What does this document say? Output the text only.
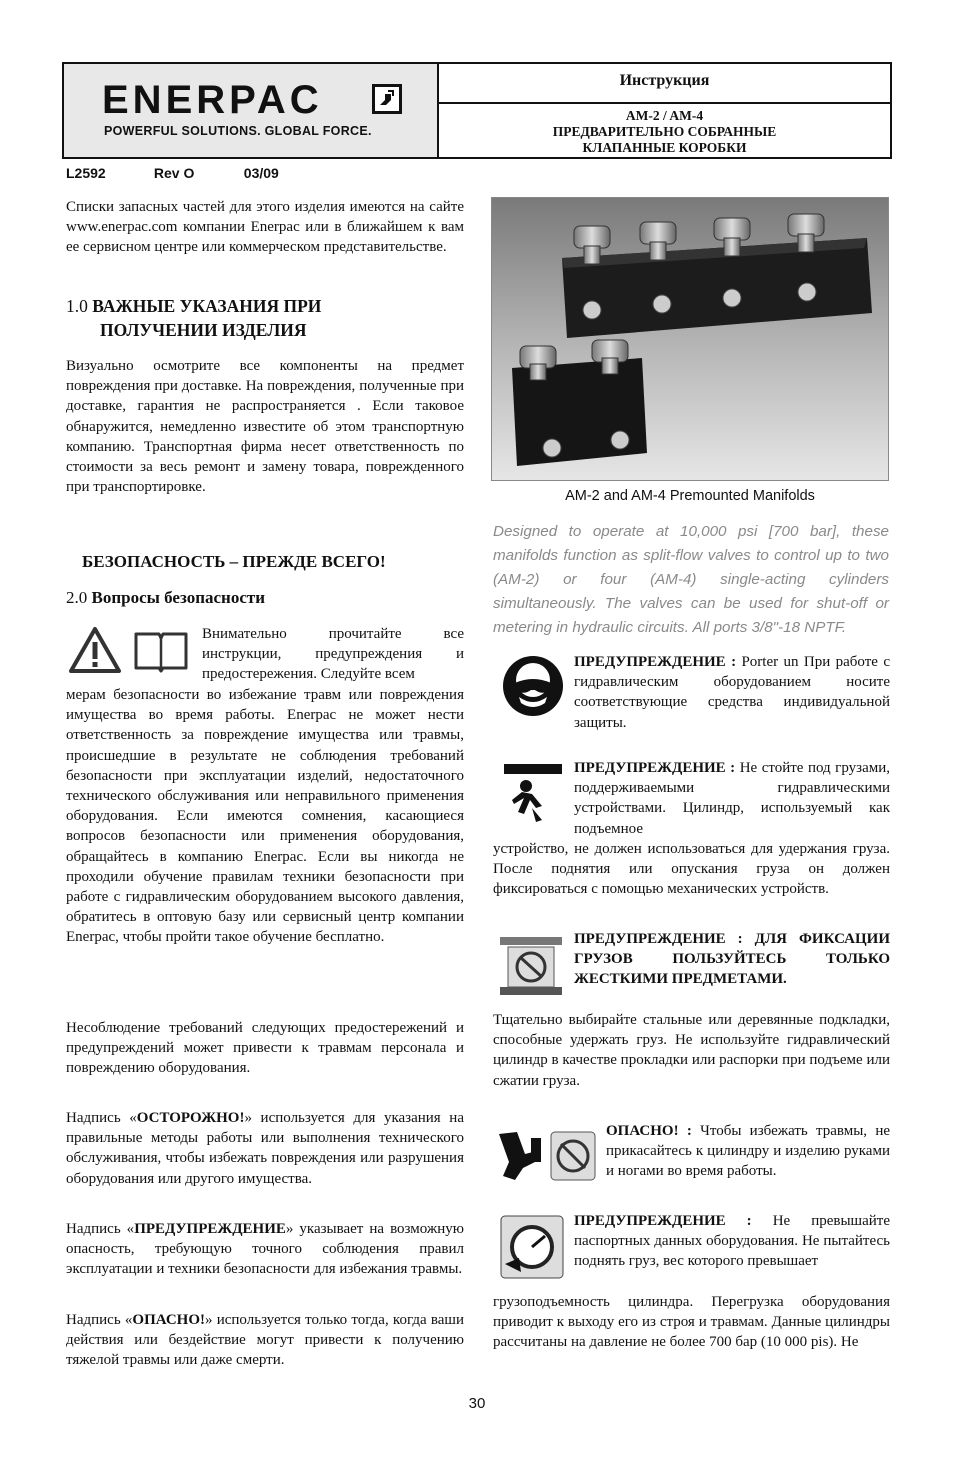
ENERPAC
POWERFUL SOLUTIONS. GLOBAL FORCE.
Инструкция
AM-2 / AM-4
ПРЕДВАРИТЕЛЬНО СОБРАННЫЕ
КЛАПАННЫЕ КОРОБКИ
L2592	Rev O	03/09

Списки запасных частей для этого изделия имеются на сайте www.enerpac.com компании Enerpac или в ближайшем к вам ее сервисном центре или коммерческом представительстве.

1.0 ВАЖНЫЕ УКАЗАНИЯ ПРИ
ПОЛУЧЕНИИ ИЗДЕЛИЯ

Визуально осмотрите все компоненты на предмет повреждения при доставке. На повреждения, полученные при доставке, гарантия не распространяется . Если таковое обнаружится, немедленно известите об этом транспортную компанию. Транспортная фирма несет ответственность по стоимости за весь ремонт и замену товара, поврежденного при транспортировке.

БЕЗОПАСНОСТЬ – ПРЕЖДЕ ВСЕГО!
2.0 Вопросы безопасности

Внимательно прочитайте все инструкции, предупреждения и предостережения. Следуйте всем

мерам безопасности во избежание травм или повреждения имущества во время работы. Enerpac не может нести ответственность за повреждение имущества или травмы, происшедшие в результате не соблюдения требований безопасности при эксплуатации изделий, недостаточного технического обслуживания или неправильного применения оборудования. Если имеются сомнения, касающиеся вопросов безопасности или применения оборудования, обращайтесь в компанию Enerpac. Если вы никогда не проходили обучение правилам техники безопасности при работе с гидравлическим оборудованием высокого давления, обратитесь в оптовую базу или сервисный центр компании Enerpac, чтобы пройти такое обучение бесплатно.

Несоблюдение требований следующих предостережений и предупреждений может привести к травмам персонала и повреждению оборудования.

Надпись «ОСТОРОЖНО!» используется для указания на правильные методы работы или выполнения технического обслуживания, чтобы избежать повреждения или разрушения оборудования или другого имущества.

Надпись «ПРЕДУПРЕЖДЕНИЕ» указывает на возможную опасность, требующую точного соблюдения правил эксплуатации и техники безопасности для избежания травмы.

Надпись «ОПАСНО!» используется только тогда, когда ваши действия или бездействие могут привести к получению тяжелой травмы или даже смерти.

AM-2 and AM-4 Premounted Manifolds

Designed to operate at 10,000 psi [700 bar], these manifolds function as split-flow valves to control up to two (AM-2) or four (AM-4) single-acting cylinders simultaneously. The valves can be used for shut-off or metering in hydraulic circuits. All ports 3/8"-18 NPTF.

ПРЕДУПРЕЖДЕНИЕ : Porter un При работе с гидравлическим оборудованием носите соответствующие средства индивидуальной защиты.

ПРЕДУПРЕЖДЕНИЕ : Не стойте под грузами, поддерживаемыми гидравлическими устройствами. Цилиндр, используемый как подъемное

устройство, не должен использоваться для удержания груза. После поднятия или опускания груза он должен фиксироваться с помощью механических устройств.

ПРЕДУПРЕЖДЕНИЕ : ДЛЯ ФИКСАЦИИ ГРУЗОВ ПОЛЬЗУЙТЕСЬ ТОЛЬКО ЖЕСТКИМИ ПРЕДМЕТАМИ.

Тщательно выбирайте стальные или деревянные подкладки, способные удержать груз. Не используйте гидравлический цилиндр в качестве прокладки или распорки при подъеме или сжатии груза.

ОПАСНО! : Чтобы избежать травмы, не прикасайтесь к цилиндру и изделию руками и ногами во время работы.

ПРЕДУПРЕЖДЕНИЕ : Не превышайте паспортных данных оборудования. Не пытайтесь поднять груз, вес которого превышает

грузоподъемность цилиндра. Перегрузка оборудования приводит к выходу его из строя и травмам. Данные цилиндры рассчитаны на давление не более 700 бар (10 000 pis). Не

30
